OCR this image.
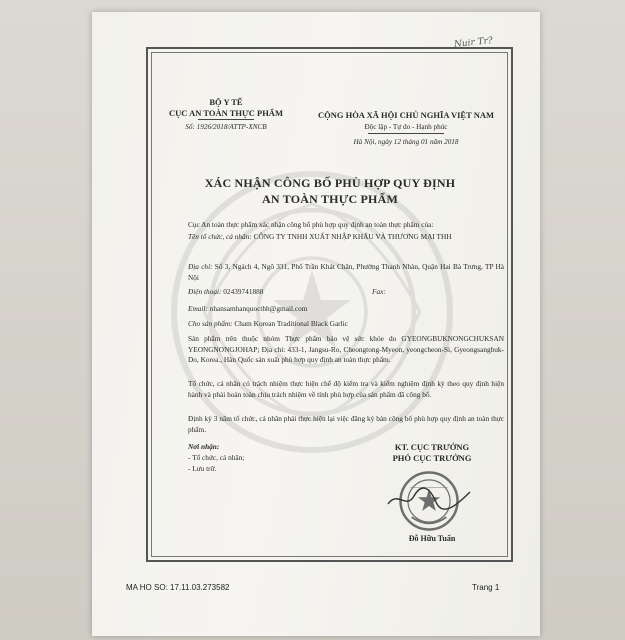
Nuir Tr?
BỘ Y TẾ
CỤC AN TOÀN THỰC PHẨM
Số: 1926/2018/ATTP-XNCB
CỘNG HÒA XÃ HỘI CHỦ NGHĨA VIỆT NAM
Độc lập - Tự do - Hạnh phúc
Hà Nội, ngày 12 tháng 01 năm 2018
XÁC NHẬN CÔNG BỐ PHÙ HỢP QUY ĐỊNH
AN TOÀN THỰC PHẨM
Cục An toàn thực phẩm xác nhận công bố phù hợp quy định an toàn thực phẩm của:
Tên tổ chức, cá nhân: CÔNG TY TNHH XUẤT NHẬP KHẨU VÀ THƯƠNG MẠI THH
Địa chỉ: Số 3, Ngách 4, Ngõ 331, Phố Trần Khát Chân, Phường Thanh Nhàn, Quận Hai Bà Trưng, TP Hà Nội
Điện thoại: 02439741888	Fax:
Email: nhansamhanquocthh@gmail.com
Cho sản phẩm: Cham Korean Traditional Black Garlic
Sản phẩm trên thuộc nhóm Thực phẩm bảo vệ sức khỏe do GYEONGBUKNONGCHUKSAN YEONGNONGJOHAP; Địa chỉ: 433-1, Jangsu-Ro, Cheongtong-Myeon, yeongcheon-Si, Gyeongsangbuk-Do, Korea., Hàn Quốc sản xuất phù hợp quy định an toàn thực phẩm.
Tổ chức, cá nhân có trách nhiệm thực hiện chế độ kiểm tra và kiểm nghiệm định kỳ theo quy định hiện hành và phải hoàn toàn chịu trách nhiệm về tính phù hợp của sản phẩm đã công bố.
Định kỳ 3 năm tổ chức, cá nhân phải thực hiện lại việc đăng ký bản công bố phù hợp quy định an toàn thực phẩm.
Nơi nhận:
- Tổ chức, cá nhân;
- Lưu trữ.
KT. CỤC TRƯỞNG
PHÓ CỤC TRƯỞNG
Đỗ Hữu Tuấn
MA HO SO: 17.11.03.273582	Trang 1
